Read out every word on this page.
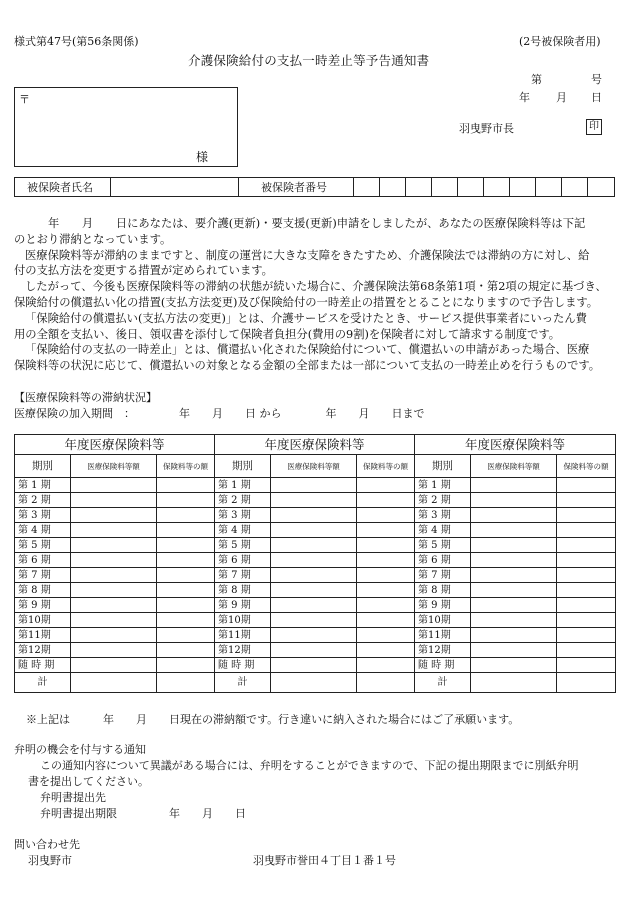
様式第47号(第56条関係)	(2号被保険者用)
介護保険給付の支払一時差止等予告通知書
第	号
年 月 日
羽曳野市長	印
〒
様
被保険者氏名	被保険者番号
年　　月　　日にあなたは、要介護(更新)・要支援(更新)申請をしましたが、あなたの医療保険料等は下記
のとおり滞納となっています。
医療保険料等が滞納のままですと、制度の運営に大きな支障をきたすため、介護保険法では滞納の方に対し、給
付の支払方法を変更する措置が定められています。
したがって、今後も医療保険料等の滞納の状態が続いた場合に、介護保険法第68条第1項・第2項の規定に基づき、
保険給付の償還払い化の措置(支払方法変更)及び保険給付の一時差止の措置をとることになりますので予告します。
「保険給付の償還払い(支払方法の変更)」とは、介護サービスを受けたとき、サービス提供事業者にいったん費
用の全額を支払い、後日、領収書を添付して保険者負担分(費用の9割)を保険者に対して請求する制度です。
「保険給付の支払の一時差止」とは、償還払い化された保険給付について、償還払いの申請があった場合、医療
保険料等の状況に応じて、償還払いの対象となる金額の全部または一部について支払の一時差止めを行うものです。
【医療保険料等の滞納状況】
医療保険の加入期間　：	年　　月　　日 から　　　　年　　月　　日まで
年度医療保険料等			年度医療保険料等			年度医療保険料等		
期別	医療保険料等額	保険料等の額	期別	医療保険料等額	保険料等の額	期別	医療保険料等額	保険料等の額
第 1 期			第 1 期			第 1 期		
第 2 期			第 2 期			第 2 期		
第 3 期			第 3 期			第 3 期		
第 4 期			第 4 期			第 4 期		
第 5 期			第 5 期			第 5 期		
第 6 期			第 6 期			第 6 期		
第 7 期			第 7 期			第 7 期		
第 8 期			第 8 期			第 8 期		
第 9 期			第 9 期			第 9 期		
第10期			第10期			第10期		
第11期			第11期			第11期		
第12期			第12期			第12期		
随 時 期			随 時 期			随 時 期		
計			計			計		
※上記は　　　年　　月　　日現在の滞納額です。行き違いに納入された場合にはご了承願います。
弁明の機会を付与する通知
この通知内容について異議がある場合には、弁明をすることができますので、下記の提出期限までに別紙弁明
書を提出してください。
弁明書提出先
弁明書提出期限	年　　月　　日
問い合わせ先
羽曳野市	羽曳野市誉田４丁目１番１号
